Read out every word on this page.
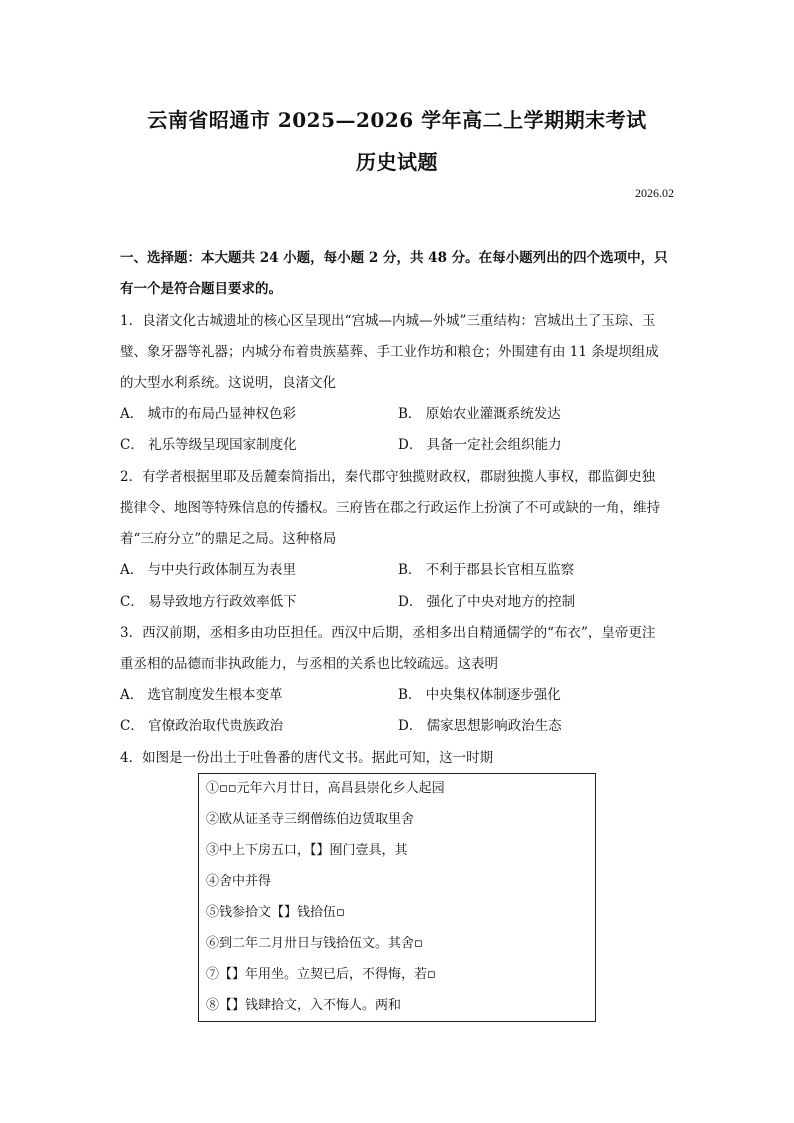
云南省昭通市 2025—2026 学年高二上学期期末考试
历史试题
2026.02
一、选择题：本大题共 24 小题，每小题 2 分，共 48 分。在每小题列出的四个选项中，只
有一个是符合题目要求的。
1．良渚文化古城遗址的核心区呈现出“宫城—内城—外城”三重结构：宫城出土了玉琮、玉
璧、象牙器等礼器；内城分布着贵族墓葬、手工业作坊和粮仓；外围建有由 11 条堤坝组成
的大型水利系统。这说明，良渚文化
A． 城市的布局凸显神权色彩	B． 原始农业灌溉系统发达
C． 礼乐等级呈现国家制度化	D． 具备一定社会组织能力
2．有学者根据里耶及岳麓秦简指出，秦代郡守独揽财政权，郡尉独揽人事权，郡监御史独
揽律令、地图等特殊信息的传播权。三府皆在郡之行政运作上扮演了不可或缺的一角，维持
着“三府分立”的鼎足之局。这种格局
A． 与中央行政体制互为表里	B． 不利于郡县长官相互监察
C． 易导致地方行政效率低下	D． 强化了中央对地方的控制
3．西汉前期，丞相多由功臣担任。西汉中后期，丞相多出自精通儒学的“布衣”，皇帝更注
重丞相的品德而非执政能力，与丞相的关系也比较疏远。这表明
A． 选官制度发生根本变革	B． 中央集权体制逐步强化
C． 官僚政治取代贵族政治	D． 儒家思想影响政治生态
4．如图是一份出土于吐鲁番的唐代文书。据此可知，这一时期
①▫▫元年六月廿日，高昌县崇化乡人起园
②欧从证圣寺三纲僧练伯边赁取里舍
③中上下房五口，【】囿门壹具，其
④舍中并得
⑤钱参拾文【】钱拾伍▫
⑥到二年二月卅日与钱拾伍文。其舍▫
⑦【】年用坐。立契已后，不得悔，若▫
⑧【】钱肆拾文，入不悔人。两和
